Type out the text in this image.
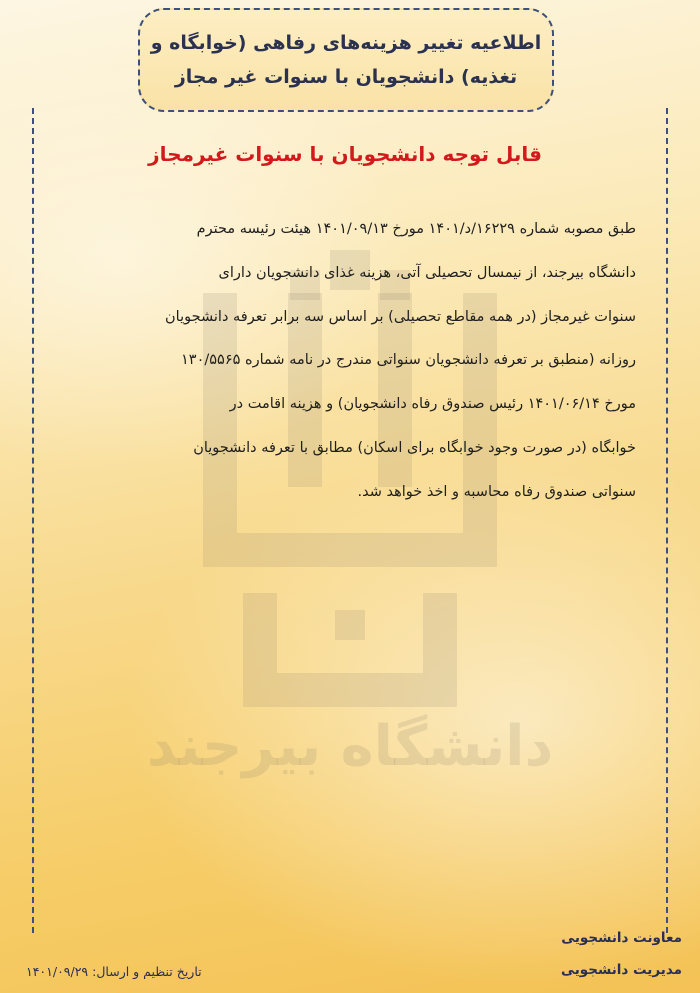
دانشگاه بیرجند
اطلاعیه تغییر هزینه‌های رفاهی (خوابگاه و
تغذیه) دانشجویان با سنوات غیر مجاز
قابل توجه دانشجویان با سنوات غیرمجاز
طبق مصوبه شماره ۱۶۲۲۹/د/۱۴۰۱ مورخ ۱۴۰۱/۰۹/۱۳ هیئت رئیسه محترم
دانشگاه بیرجند، از نیمسال تحصیلی آتی، هزینه غذای دانشجویان دارای
سنوات غیرمجاز (در همه مقاطع تحصیلی) بر اساس سه برابر تعرفه دانشجویان
روزانه (منطبق بر تعرفه دانشجویان سنواتی مندرج در نامه شماره ۱۳۰/۵۵۶۵
مورخ ۱۴۰۱/۰۶/۱۴ رئیس صندوق رفاه دانشجویان) و هزینه اقامت در
خوابگاه (در صورت وجود خوابگاه برای اسکان) مطابق با تعرفه دانشجویان
سنواتی صندوق رفاه محاسبه و اخذ خواهد شد.
معاونت دانشجویی
مدیریت دانشجویی
تاریخ تنظیم و ارسال: ۱۴۰۱/۰۹/۲۹
